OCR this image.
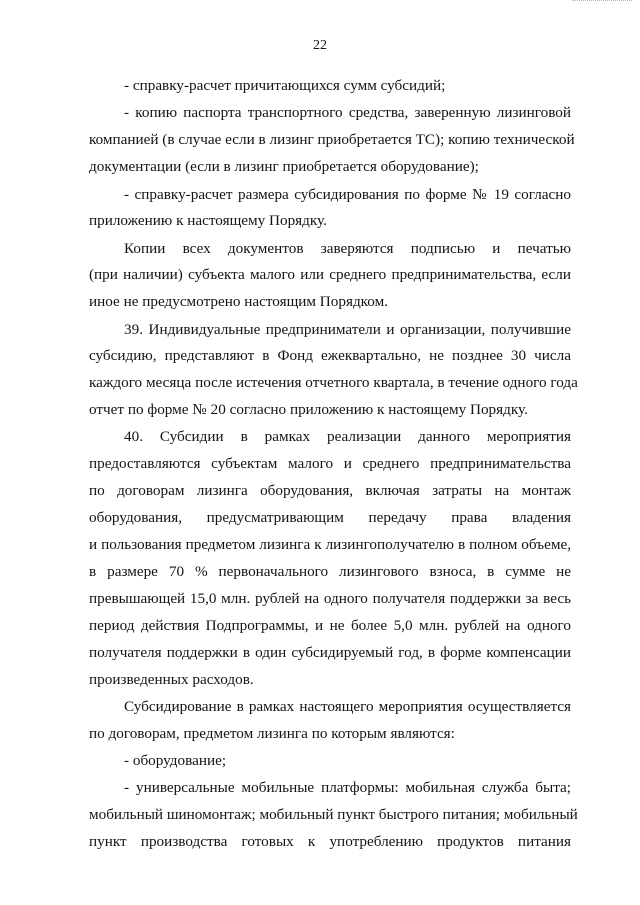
22
- справку-расчет причитающихся сумм субсидий;
- копию паспорта транспортного средства, заверенную лизинговой
компанией (в случае если в лизинг приобретается ТС); копию технической
документации (если в лизинг приобретается оборудование);
- справку-расчет размера субсидирования по форме № 19 согласно
приложению к настоящему Порядку.
Копии всех документов заверяются подписью и печатью
(при наличии) субъекта малого или среднего предпринимательства, если
иное не предусмотрено настоящим Порядком.
39. Индивидуальные предприниматели и организации, получившие
субсидию, представляют в Фонд ежеквартально, не позднее 30 числа
каждого месяца после истечения отчетного квартала, в течение одного года
отчет по форме № 20 согласно приложению к настоящему Порядку.
40. Субсидии в рамках реализации данного мероприятия
предоставляются субъектам малого и среднего предпринимательства
по договорам лизинга оборудования, включая затраты на монтаж
оборудования, предусматривающим передачу права владения
и пользования предметом лизинга к лизингополучателю в полном объеме,
в размере 70 % первоначального лизингового взноса, в сумме не
превышающей 15,0 млн. рублей на одного получателя поддержки за весь
период действия Подпрограммы, и не более 5,0 млн. рублей на одного
получателя поддержки в один субсидируемый год, в форме компенсации
произведенных расходов.
Субсидирование в рамках настоящего мероприятия осуществляется
по договорам, предметом лизинга по которым являются:
- оборудование;
- универсальные мобильные платформы: мобильная служба быта;
мобильный шиномонтаж; мобильный пункт быстрого питания; мобильный
пункт производства готовых к употреблению продуктов питания
